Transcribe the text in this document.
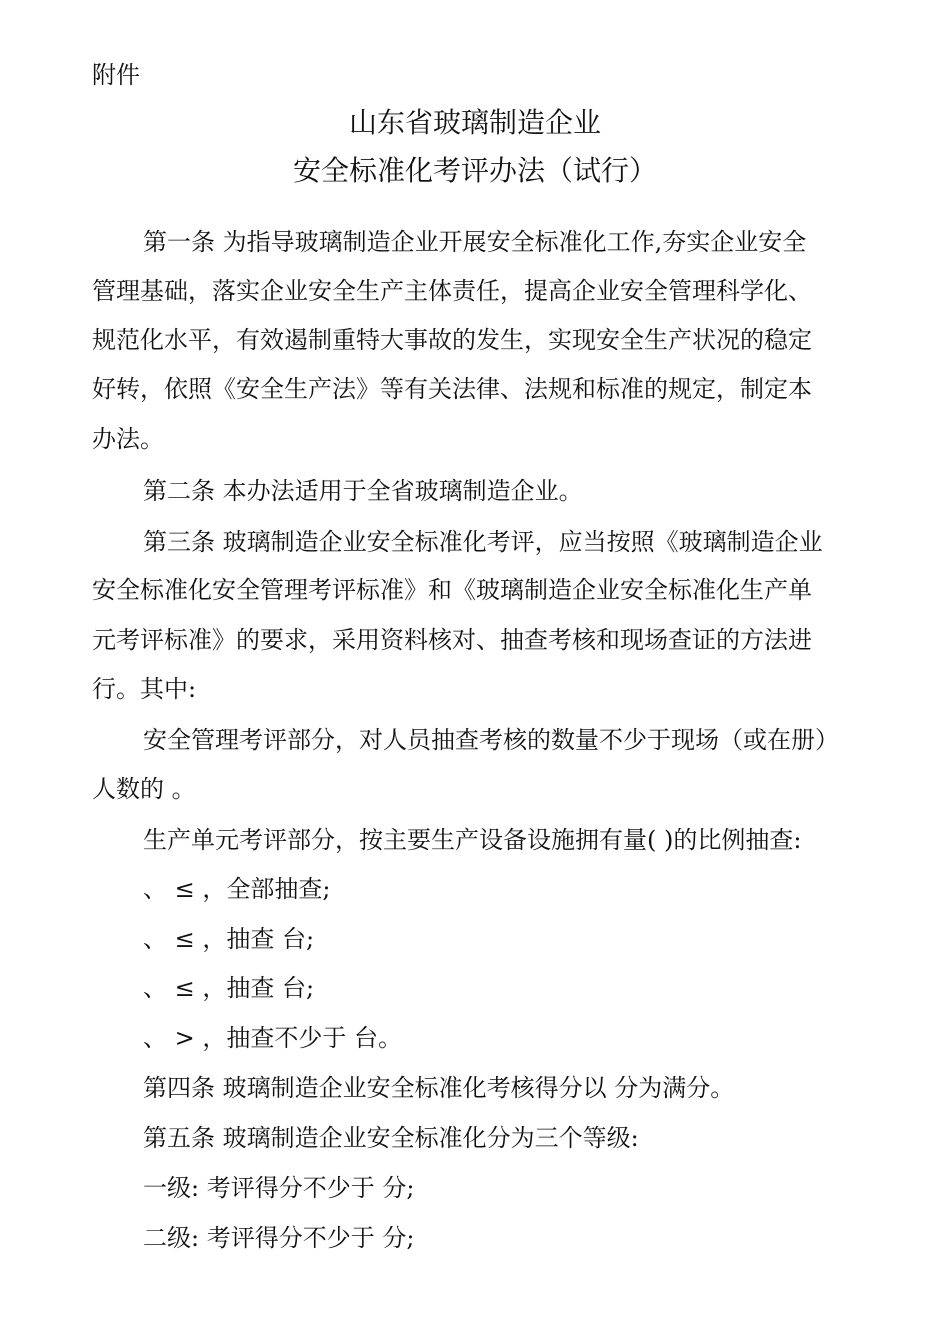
附件
山东省玻璃制造企业
安全标准化考评办法（试行）
第一条 为指导玻璃制造企业开展安全标准化工作,夯实企业安全
管理基础，落实企业安全生产主体责任，提高企业安全管理科学化、
规范化水平，有效遏制重特大事故的发生，实现安全生产状况的稳定
好转，依照《安全生产法》等有关法律、法规和标准的规定，制定本
办法。
第二条 本办法适用于全省玻璃制造企业。
第三条 玻璃制造企业安全标准化考评，应当按照《玻璃制造企业
安全标准化安全管理考评标准》和《玻璃制造企业安全标准化生产单
元考评标准》的要求，采用资料核对、抽查考核和现场查证的方法进
行。其中:
安全管理考评部分，对人员抽查考核的数量不少于现场（或在册）
人数的 。
生产单元考评部分，按主要生产设备设施拥有量( )的比例抽查:
、 ≤ ，全部抽查;
、 ≤ ，抽查 台;
、 ≤ ，抽查 台;
、 > ，抽查不少于 台。
第四条 玻璃制造企业安全标准化考核得分以 分为满分。
第五条 玻璃制造企业安全标准化分为三个等级:
一级: 考评得分不少于 分;
二级: 考评得分不少于 分;
